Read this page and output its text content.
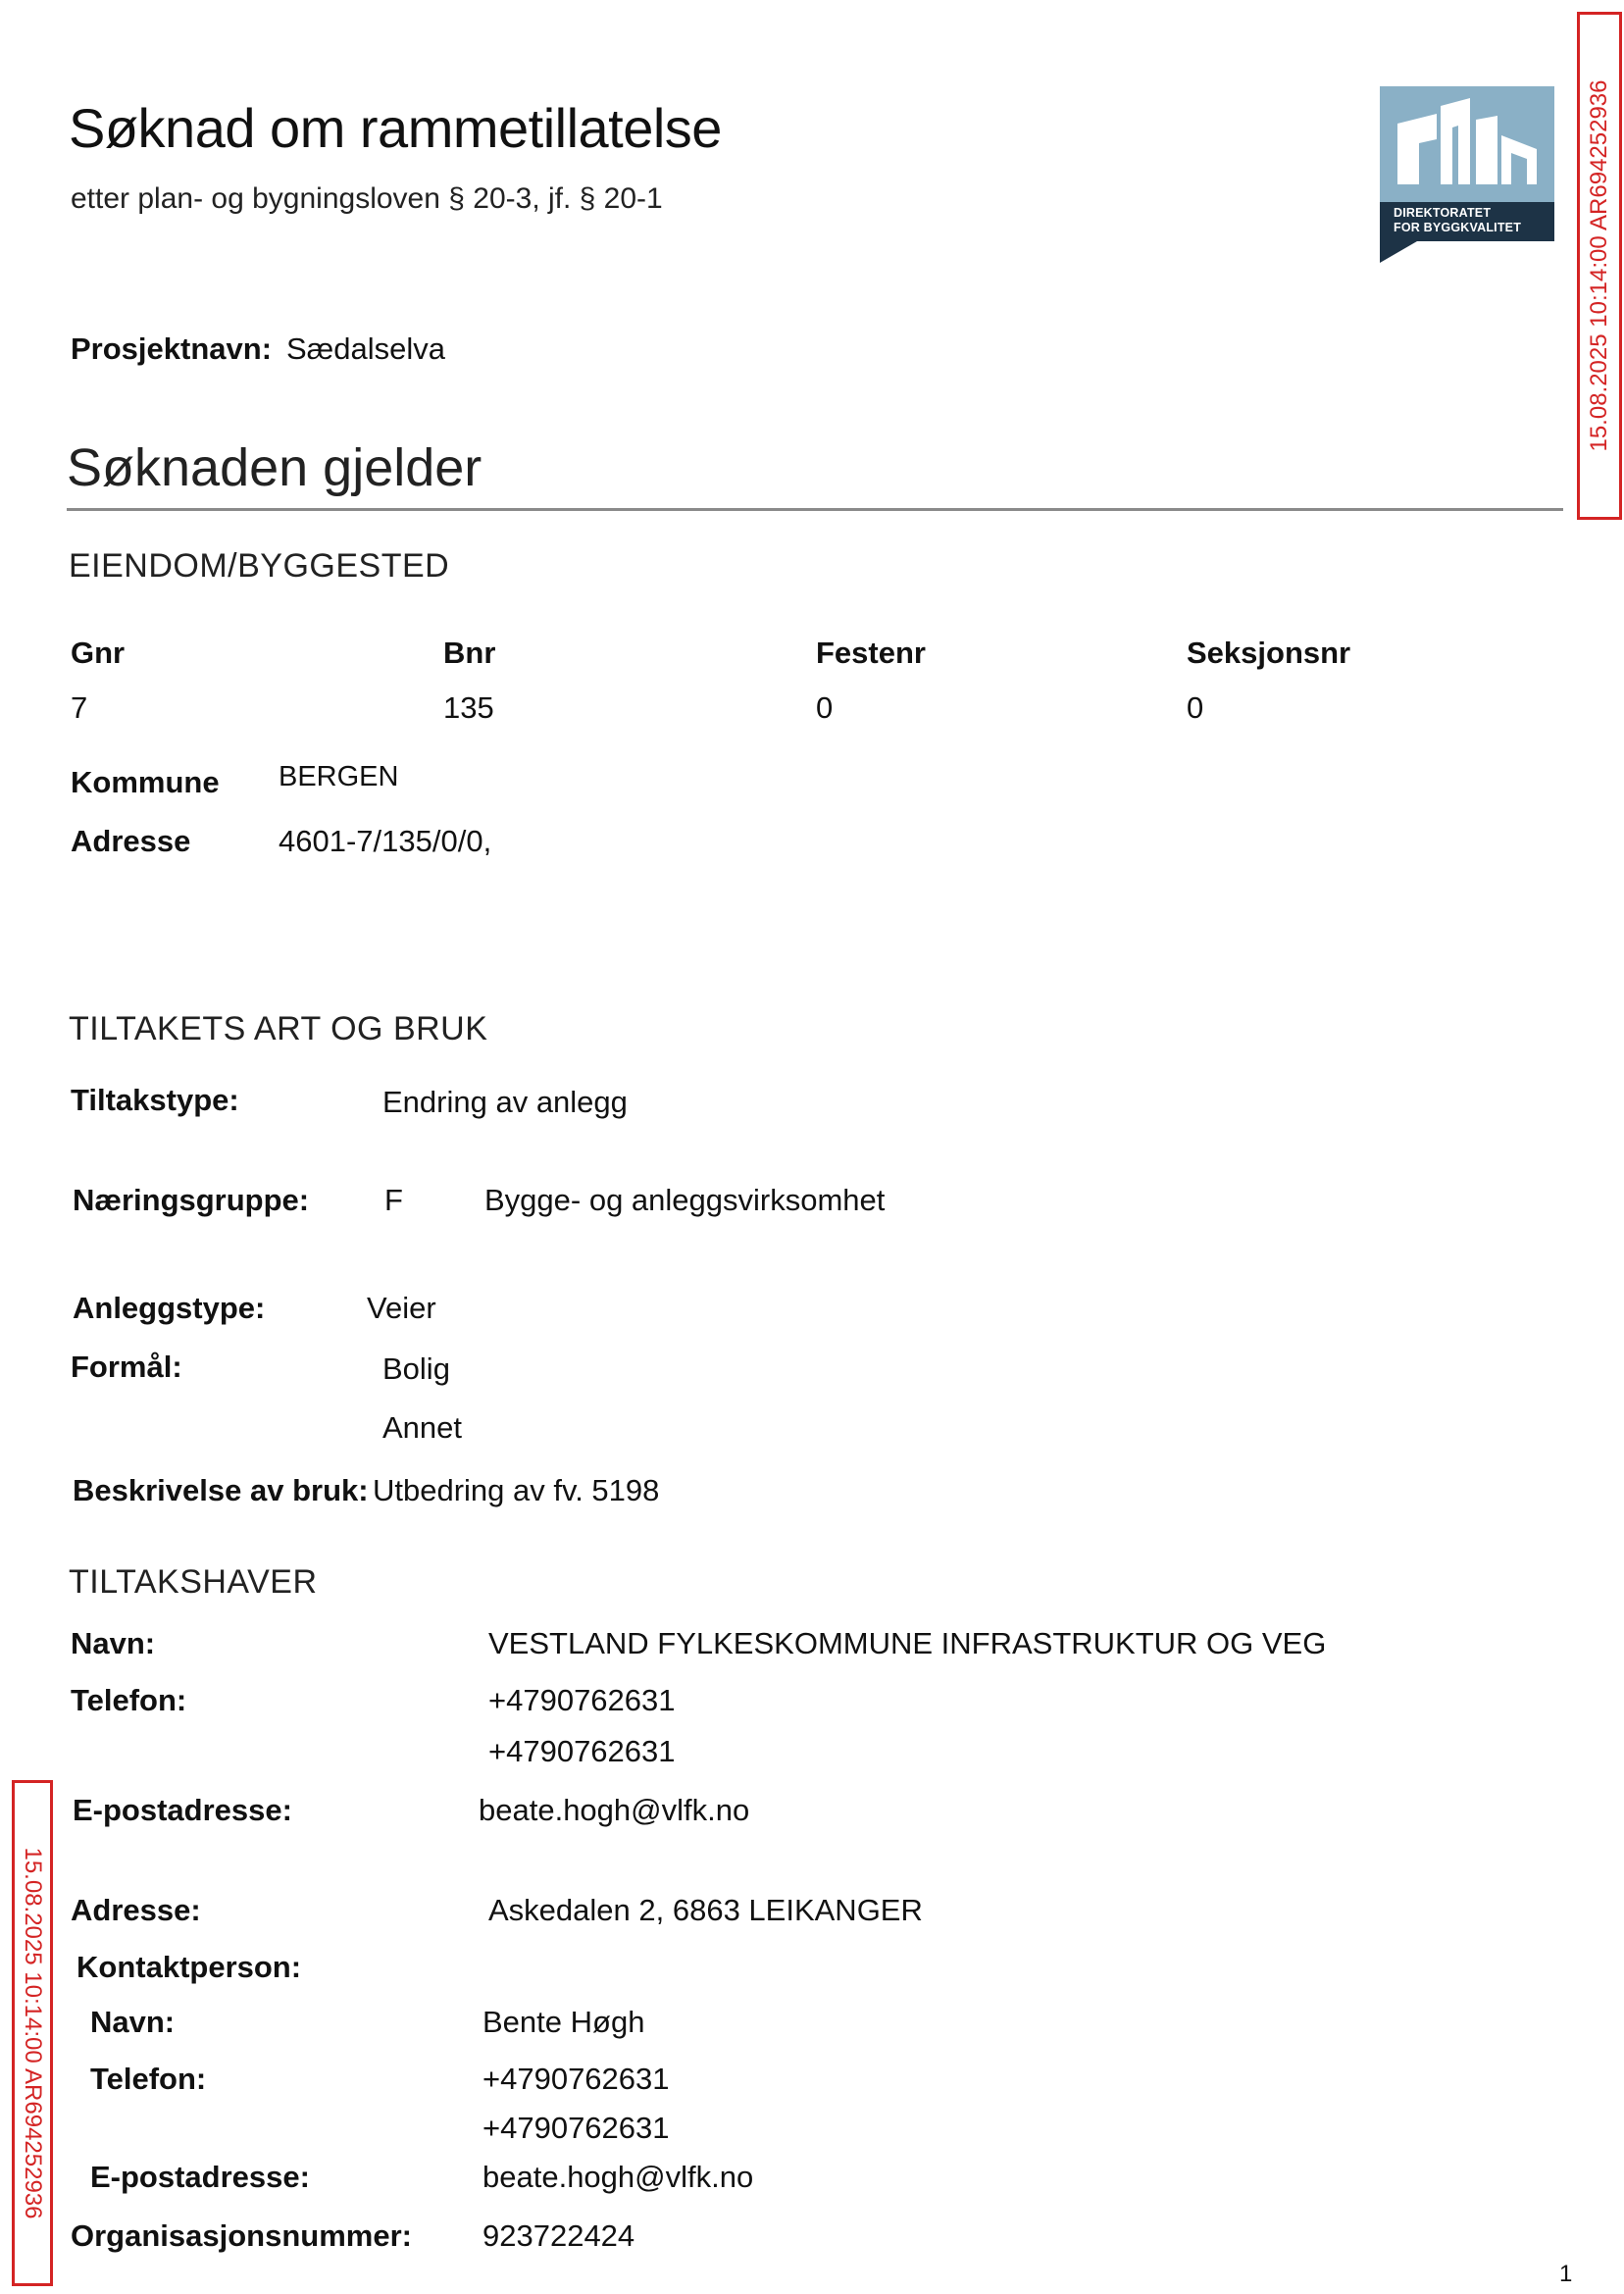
Søknad om rammetillatelse
etter plan- og bygningsloven § 20-3, jf. § 20-1	DIREKTORATET
FOR BYGGKVALITET
Prosjektnavn: Sædalselva
Søknaden gjelder
EIENDOM/BYGGESTED
Gnr	Bnr	Festenr	Seksjonsnr
7	135	0	0
Kommune BERGEN
Adresse	4601-7/135/0/0,
TILTAKETS ART OG BRUK
Tiltakstype:	Endring av anlegg
Næringsgruppe: F	Bygge- og anleggsvirksomhet
Anleggstype:	Veier
Formål:	Bolig
Annet
Beskrivelse av bruk: Utbedring av fv. 5198
TILTAKSHAVER
Navn:	VESTLAND FYLKESKOMMUNE INFRASTRUKTUR OG VEG
Telefon:	+4790762631
+4790762631
E-postadresse:	beate.hogh@vlfk.no
Adresse:	Askedalen 2, 6863 LEIKANGER
Kontaktperson:
Navn:	Bente Høgh
Telefon:	+4790762631
+4790762631
E-postadresse:	beate.hogh@vlfk.no
Organisasjonsnummer: 923722424
15.08.2025 10:14:00 AR694252936
15.08.2025 10:14:00 AR694252936
1
